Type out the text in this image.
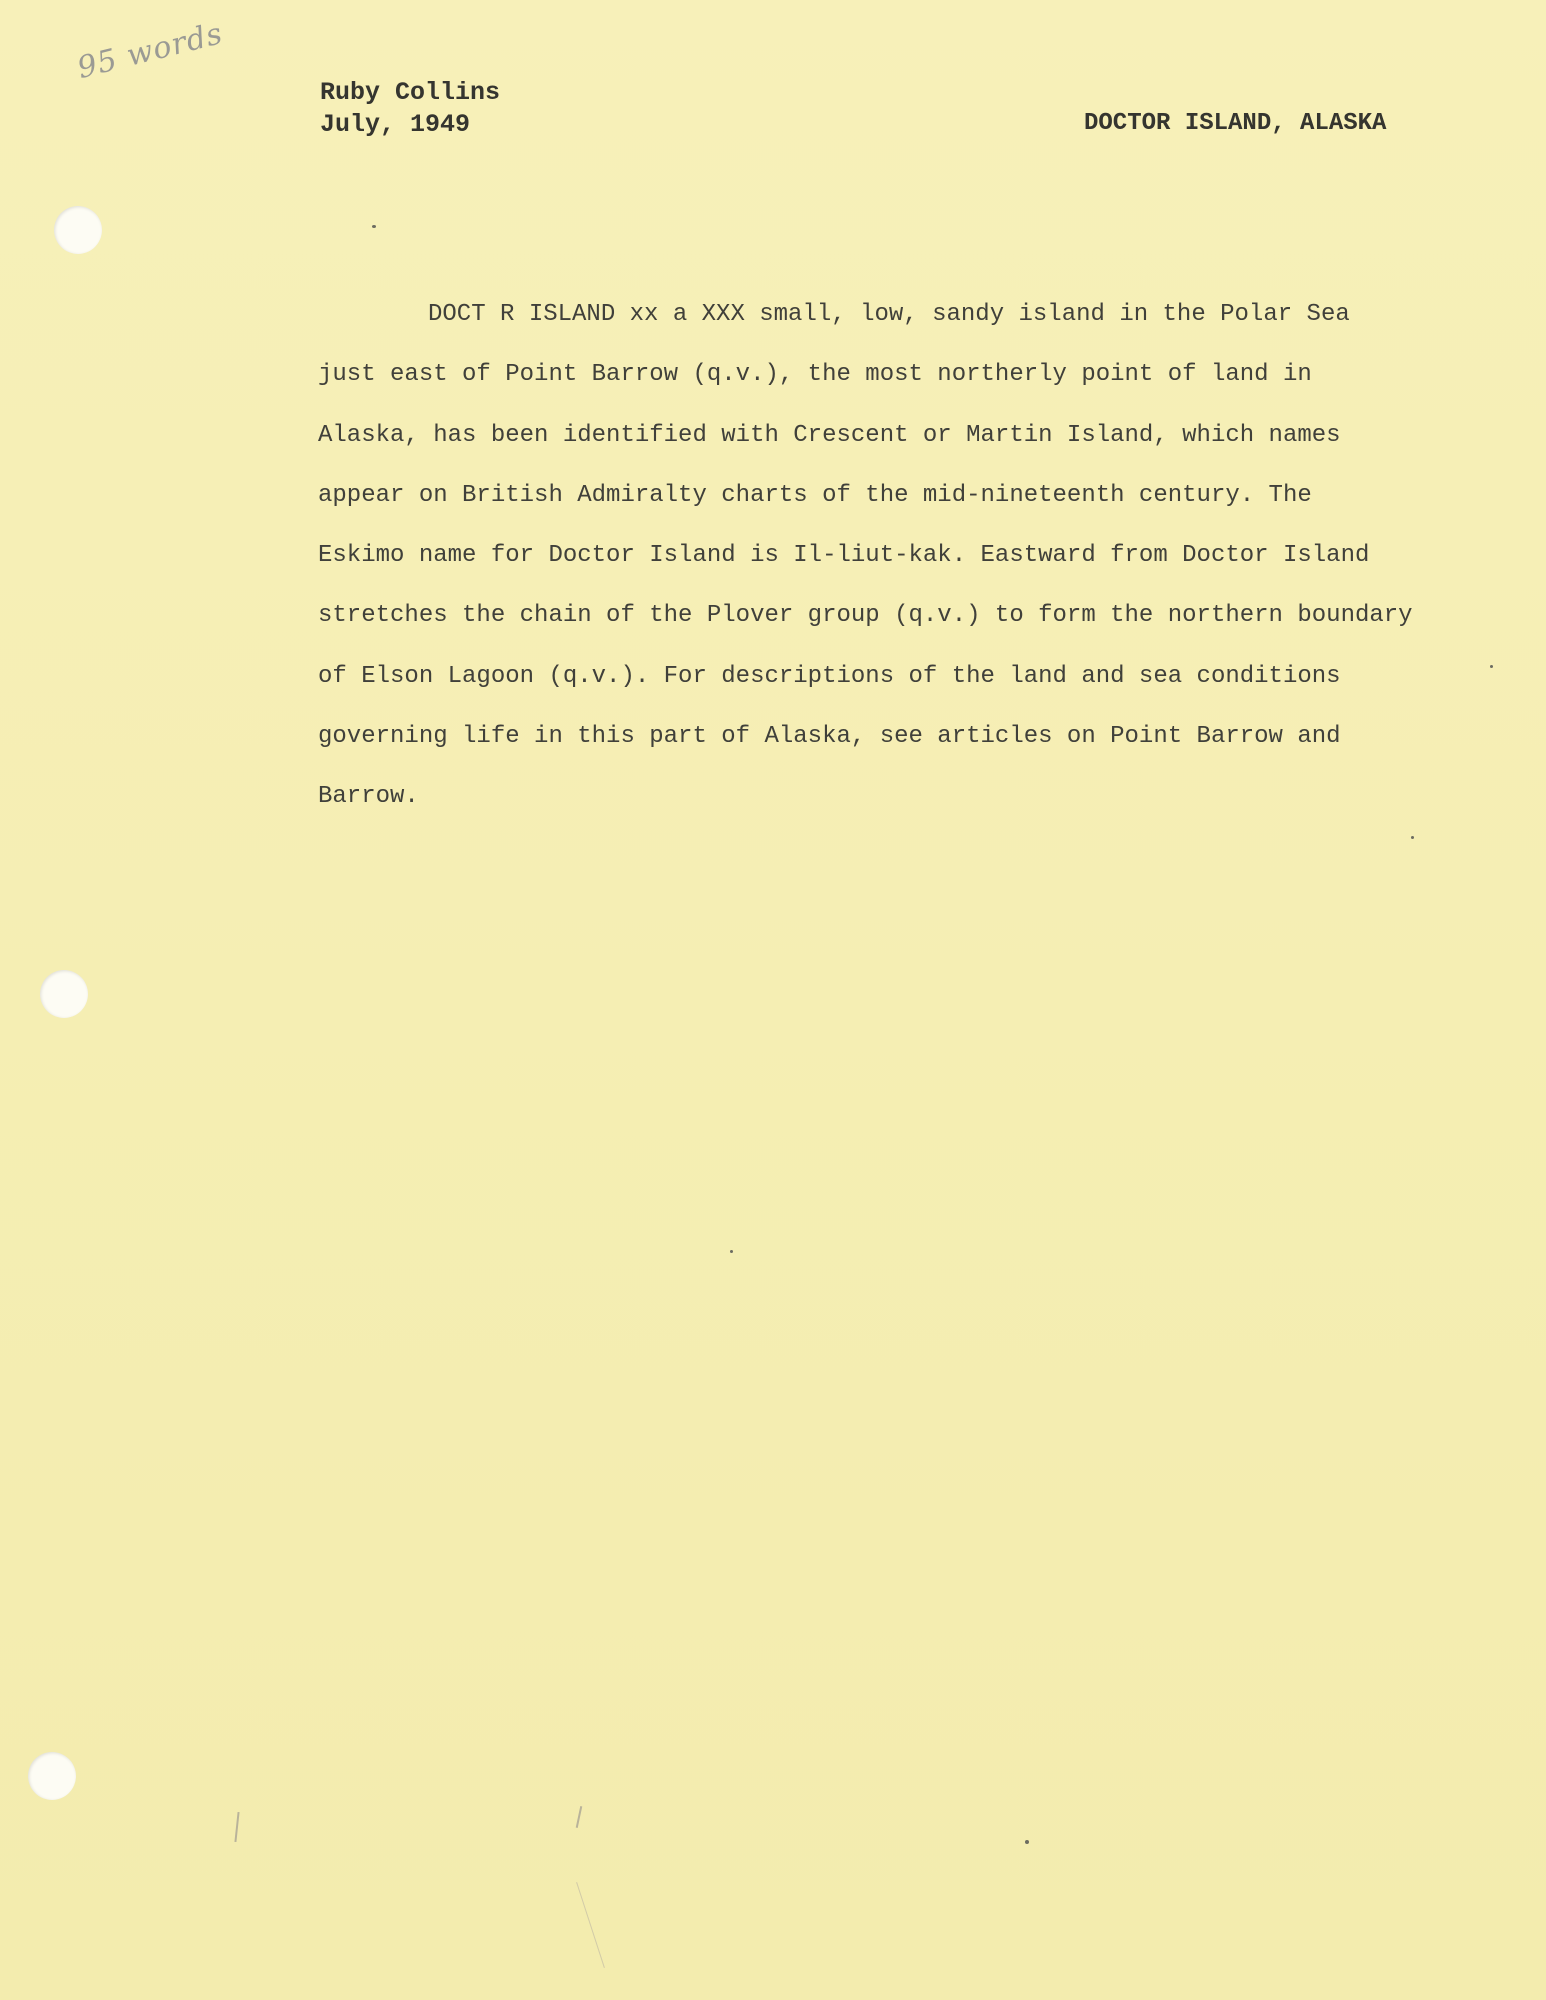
95 words
Ruby Collins
July, 1949	DOCTOR ISLAND, ALASKA
DOCT R ISLAND xx a XXX small, low, sandy island in the Polar Sea
just east of Point Barrow (q.v.), the most northerly point of land in
Alaska, has been identified with Crescent or Martin Island, which names
appear on British Admiralty charts of the mid-nineteenth century. The
Eskimo name for Doctor Island is Il-liut-kak. Eastward from Doctor Island
stretches the chain of the Plover group (q.v.) to form the northern boundary
of Elson Lagoon (q.v.). For descriptions of the land and sea conditions
governing life in this part of Alaska, see articles on Point Barrow and
Barrow.
